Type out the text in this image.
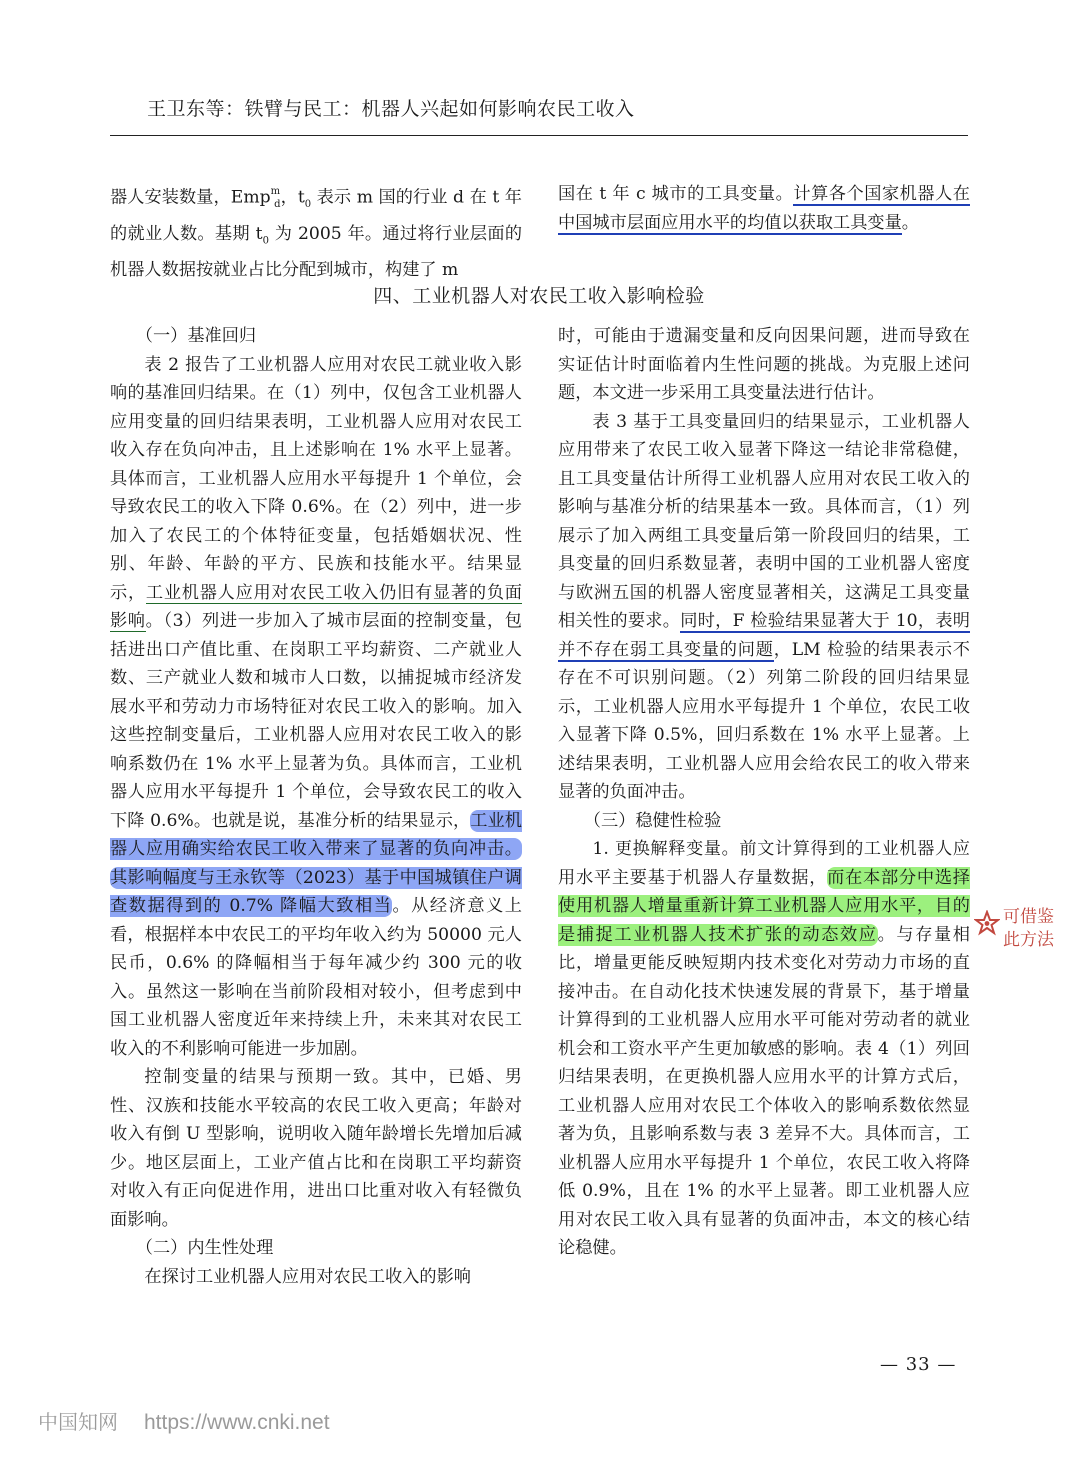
王卫东等：铁臂与民工：机器人兴起如何影响农民工收入

器人安装数量，Emp$^m_d$，$t_0$ 表示 m 国的行业 d 在 t 年的就业人数。基期 $t_0$ 为 2005 年。通过将行业层面的机器人数据按就业占比分配到城市，构建了 m

国在 t 年 c 城市的工具变量。计算各个国家机器人在中国城市层面应用水平的均值以获取工具变量。

四、工业机器人对农民工收入影响检验

（一）基准回归

表 2 报告了工业机器人应用对农民工就业收入影响的基准回归结果。在（1）列中，仅包含工业机器人应用变量的回归结果表明，工业机器人应用对农民工收入存在负向冲击，且上述影响在 1% 水平上显著。具体而言，工业机器人应用水平每提升 1 个单位，会导致农民工的收入下降 0.6%。在（2）列中，进一步加入了农民工的个体特征变量，包括婚姻状况、性别、年龄、年龄的平方、民族和技能水平。结果显示，工业机器人应用对农民工收入仍旧有显著的负面影响。（3）列进一步加入了城市层面的控制变量，包括进出口产值比重、在岗职工平均薪资、二产就业人数、三产就业人数和城市人口数，以捕捉城市经济发展水平和劳动力市场特征对农民工收入的影响。加入这些控制变量后，工业机器人应用对农民工收入的影响系数仍在 1% 水平上显著为负。具体而言，工业机器人应用水平每提升 1 个单位，会导致农民工的收入下降 0.6%。也就是说，基准分析的结果显示，工业机器人应用确实给农民工收入带来了显著的负向冲击。其影响幅度与王永钦等（2023）基于中国城镇住户调查数据得到的 0.7% 降幅大致相当。从经济意义上看，根据样本中农民工的平均年收入约为 50000 元人民币，0.6% 的降幅相当于每年减少约 300 元的收入。虽然这一影响在当前阶段相对较小，但考虑到中国工业机器人密度近年来持续上升，未来其对农民工收入的不利影响可能进一步加剧。

控制变量的结果与预期一致。其中，已婚、男性、汉族和技能水平较高的农民工收入更高；年龄对收入有倒 U 型影响，说明收入随年龄增长先增加后减少。地区层面上，工业产值占比和在岗职工平均薪资对收入有正向促进作用，进出口比重对收入有轻微负面影响。

（二）内生性处理

在探讨工业机器人应用对农民工收入的影响

时，可能由于遗漏变量和反向因果问题，进而导致在实证估计时面临着内生性问题的挑战。为克服上述问题，本文进一步采用工具变量法进行估计。

表 3 基于工具变量回归的结果显示，工业机器人应用带来了农民工收入显著下降这一结论非常稳健，且工具变量估计所得工业机器人应用对农民工收入的影响与基准分析的结果基本一致。具体而言，（1）列展示了加入两组工具变量后第一阶段回归的结果，工具变量的回归系数显著，表明中国的工业机器人密度与欧洲五国的机器人密度显著相关，这满足工具变量相关性的要求。同时，F 检验结果显著大于 10，表明并不存在弱工具变量的问题，LM 检验的结果表示不存在不可识别问题。（2）列第二阶段的回归结果显示，工业机器人应用水平每提升 1 个单位，农民工收入显著下降 0.5%，回归系数在 1% 水平上显著。上述结果表明，工业机器人应用会给农民工的收入带来显著的负面冲击。

（三）稳健性检验

1. 更换解释变量。前文计算得到的工业机器人应用水平主要基于机器人存量数据，而在本部分中选择使用机器人增量重新计算工业机器人应用水平，目的是捕捉工业机器人技术扩张的动态效应。与存量相比，增量更能反映短期内技术变化对劳动力市场的直接冲击。在自动化技术快速发展的背景下，基于增量计算得到的工业机器人应用水平可能对劳动者的就业机会和工资水平产生更加敏感的影响。表 4（1）列回归结果表明，在更换机器人应用水平的计算方式后，工业机器人应用对农民工个体收入的影响系数依然显著为负，且影响系数与表 3 差异不大。具体而言，工业机器人应用水平每提升 1 个单位，农民工收入将降低 0.9%，且在 1% 的水平上显著。即工业机器人应用对农民工收入具有显著的负面冲击，本文的核心结论稳健。

可借鉴
此方法
— 33 —
中国知网 https://www.cnki.net
